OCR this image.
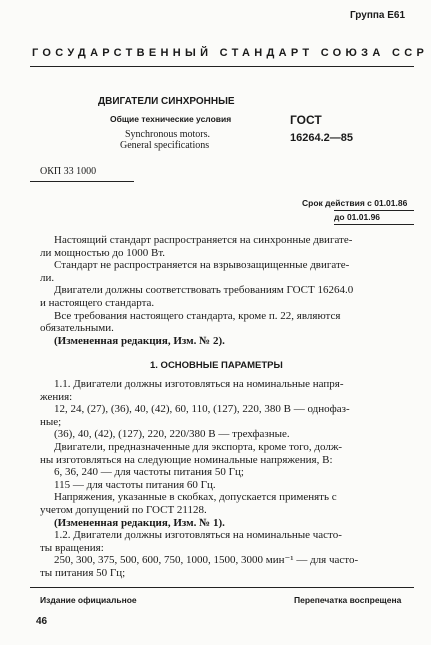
Группа Е61
ГОСУДАРСТВЕННЫЙ СТАНДАРТ СОЮЗА ССР
ДВИГАТЕЛИ СИНХРОННЫЕ
Общие технические условия
Synchronous motors.
General specifications
ГОСТ
16264.2—85
ОКП 33 1000
Срок действия с 01.01.86
до 01.01.96
Настоящий стандарт распространяется на синхронные двигате-
ли мощностью до 1000 Вт.
Стандарт не распространяется на взрывозащищенные двигате-
ли.
Двигатели должны соответствовать требованиям ГОСТ 16264.0
и настоящего стандарта.
Все требования настоящего стандарта, кроме п. 22, являются
обязательными.
(Измененная редакция, Изм. № 2).
1. ОСНОВНЫЕ ПАРАМЕТРЫ
1.1. Двигатели должны изготовляться на номинальные напря-
жения:
12, 24, (27), (36), 40, (42), 60, 110, (127), 220, 380 В — однофаз-
ные;
(36), 40, (42), (127), 220, 220/380 В — трехфазные.
Двигатели, предназначенные для экспорта, кроме того, долж-
ны изготовляться на следующие номинальные напряжения, В:
6, 36, 240 — для частоты питания 50 Гц;
115 — для частоты питания 60 Гц.
Напряжения, указанные в скобках, допускается применять с
учетом допущений по ГОСТ 21128.
(Измененная редакция, Изм. № 1).
1.2. Двигатели должны изготовляться на номинальные часто-
ты вращения:
250, 300, 375, 500, 600, 750, 1000, 1500, 3000 мин⁻¹ — для часто-
ты питания 50 Гц;
Издание официальное	Перепечатка воспрещена
46
